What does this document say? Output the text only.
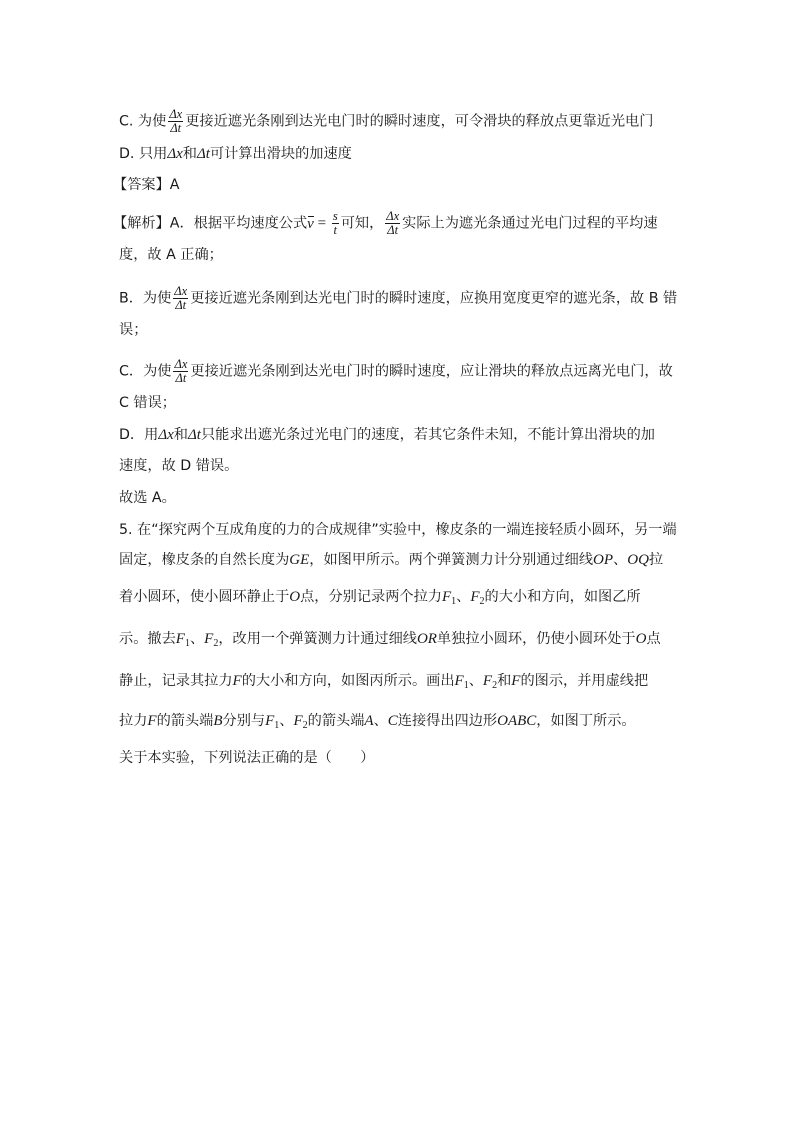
C. 为使 $\frac{\Delta x}{\Delta t}$ 更接近遮光条刚到达光电门时的瞬时速度，可令滑块的释放点更靠近光电门
D. 只用Δx和Δt可计算出滑块的加速度
【答案】A
【解析】A．根据平均速度公式$v = \frac{s}{t}$ 可知， $\frac{\Delta x}{\Delta t}$ 实际上为遮光条通过光电门过程的平均速
度，故 A 正确；
B．为使 $\frac{\Delta x}{\Delta t}$ 更接近遮光条刚到达光电门时的瞬时速度，应换用宽度更窄的遮光条，故 B 错
误；
C．为使 $\frac{\Delta x}{\Delta t}$ 更接近遮光条刚到达光电门时的瞬时速度，应让滑块的释放点远离光电门，故
C 错误；
D．用Δx和Δt只能求出遮光条过光电门的速度，若其它条件未知，不能计算出滑块的加
速度，故 D 错误。
故选 A。
5. 在“探究两个互成角度的力的合成规律”实验中，橡皮条的一端连接轻质小圆环，另一端
固定，橡皮条的自然长度为GE，如图甲所示。两个弹簧测力计分别通过细线OP、OQ拉
着小圆环，使小圆环静止于O点，分别记录两个拉力$F_1$、$F_2$的大小和方向，如图乙所
示。撤去$F_1$、$F_2$，改用一个弹簧测力计通过细线OR单独拉小圆环，仍使小圆环处于O点
静止，记录其拉力F的大小和方向，如图丙所示。画出$F_1$、$F_2$和F的图示，并用虚线把
拉力F的箭头端B分别与$F_1$、$F_2$的箭头端A、C连接得出四边形OABC，如图丁所示。
关于本实验，下列说法正确的是（　　）
